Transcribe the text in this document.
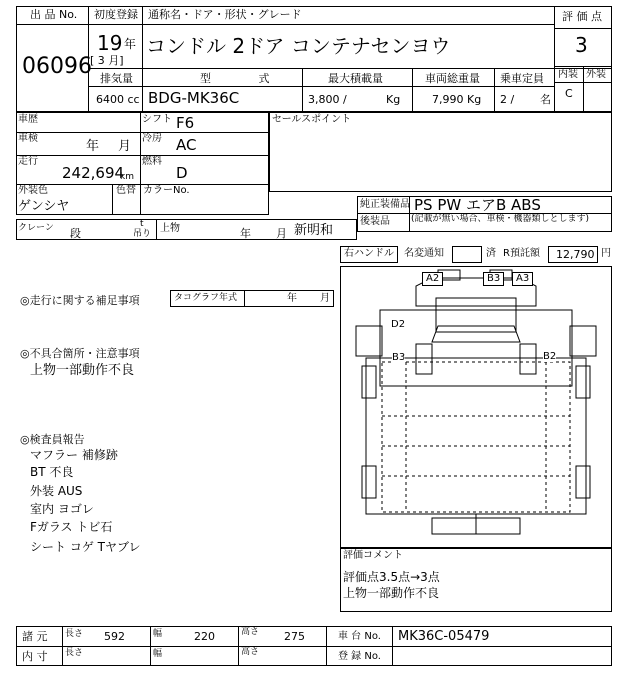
出 品 No.
06096
初度登録 通称名・ドア・形状・グレード
19 年
[ 3 月]
コンドル 2ドア コンテナセンヨウ
評 価 点
3
内装 外装
C
排気量	型 式	最大積載量	車両総重量 乗車定員
6400 cc BDG-MK36C	3,800 /	Kg	7,990 Kg 2 / 名
車歴	シフト F6
車検
年 月
冷房 AC
走行
242,694
km
燃料
D
外装色	色替 カラーNo.
ゲンシヤ
セールスポイント
純正装備品 PS PW エアB ABS
後装品 (記載が無い場合、車検・機器類しとします)
クレーン 段
t
吊り 上物	年 月 新明和
右ハンドル 名変通知	済 R預託額 12,790 円
◎走行に関する補足事項	タコグラフ年式	年 月
◎不具合箇所・注意事項
上物一部動作不良
◎検査員報告
マフラー 補修跡
BT 不良
外装 AUS
室内 ヨゴレ
Fガラス トビ石
シート コゲ Tヤブレ
A2	B3	A3
D2
B3	B2
評価コメント
評価点3.5点→3点
上物一部動作不良
諸 元 長さ 592	幅	220	高さ 275	車 台 No. MK36C-05479
内 寸 長さ	幅	高さ	登 録 No.
